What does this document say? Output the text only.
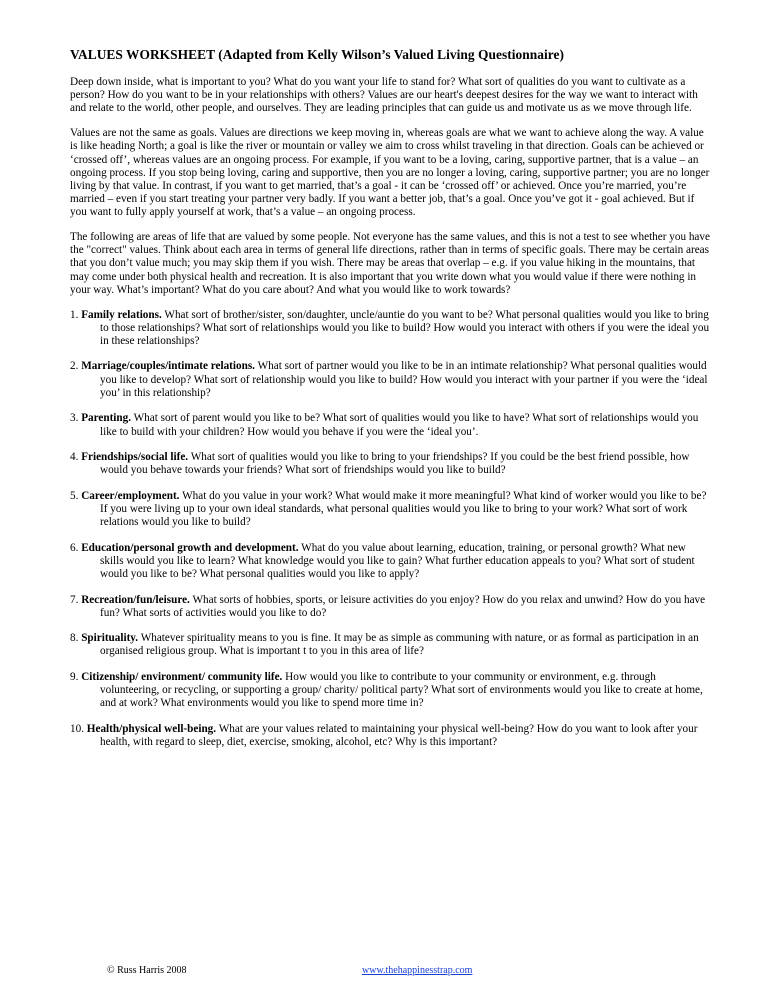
VALUES WORKSHEET (Adapted from Kelly Wilson’s Valued Living Questionnaire)

Deep down inside, what is important to you? What do you want your life to stand for? What sort of qualities do you want to cultivate as a person? How do you want to be in your relationships with others? Values are our heart's deepest desires for the way we want to interact with and relate to the world, other people, and ourselves. They are leading principles that can guide us and motivate us as we move through life.

Values are not the same as goals. Values are directions we keep moving in, whereas goals are what we want to achieve along the way. A value is like heading North; a goal is like the river or mountain or valley we aim to cross whilst traveling in that direction. Goals can be achieved or ‘crossed off’, whereas values are an ongoing process. For example, if you want to be a loving, caring, supportive partner, that is a value – an ongoing process. If you stop being loving, caring and supportive, then you are no longer a loving, caring, supportive partner; you are no longer living by that value. In contrast, if you want to get married, that’s a goal - it can be ‘crossed off’ or achieved. Once you’re married, you’re married – even if you start treating your partner very badly. If you want a better job, that’s a goal. Once you’ve got it - goal achieved. But if you want to fully apply yourself at work, that’s a value – an ongoing process.

The following are areas of life that are valued by some people. Not everyone has the same values, and this is not a test to see whether you have the "correct" values. Think about each area in terms of general life directions, rather than in terms of specific goals. There may be certain areas that you don’t value much; you may skip them if you wish. There may be areas that overlap – e.g. if you value hiking in the mountains, that may come under both physical health and recreation. It is also important that you write down what you would value if there were nothing in your way. What’s important? What do you care about? And what you would like to work towards?

1. Family relations. What sort of brother/sister, son/daughter, uncle/auntie do you want to be? What personal qualities would you like to bring to those relationships? What sort of relationships would you like to build? How would you interact with others if you were the ideal you in these relationships?
2. Marriage/couples/intimate relations. What sort of partner would you like to be in an intimate relationship? What personal qualities would you like to develop? What sort of relationship would you like to build? How would you interact with your partner if you were the ‘ideal you’ in this relationship?
3. Parenting. What sort of parent would you like to be? What sort of qualities would you like to have? What sort of relationships would you like to build with your children? How would you behave if you were the ‘ideal you’.
4. Friendships/social life. What sort of qualities would you like to bring to your friendships? If you could be the best friend possible, how would you behave towards your friends? What sort of friendships would you like to build?
5. Career/employment. What do you value in your work? What would make it more meaningful? What kind of worker would you like to be? If you were living up to your own ideal standards, what personal qualities would you like to bring to your work? What sort of work relations would you like to build?
6. Education/personal growth and development. What do you value about learning, education, training, or personal growth? What new skills would you like to learn? What knowledge would you like to gain? What further education appeals to you? What sort of student would you like to be? What personal qualities would you like to apply?
7. Recreation/fun/leisure. What sorts of hobbies, sports, or leisure activities do you enjoy? How do you relax and unwind? How do you have fun? What sorts of activities would you like to do?
8. Spirituality. Whatever spirituality means to you is fine. It may be as simple as communing with nature, or as formal as participation in an organised religious group. What is important t to you in this area of life?
9. Citizenship/ environment/ community life. How would you like to contribute to your community or environment, e.g. through volunteering, or recycling, or supporting a group/ charity/ political party? What sort of environments would you like to create at home, and at work? What environments would you like to spend more time in?
10. Health/physical well-being. What are your values related to maintaining your physical well-being? How do you want to look after your health, with regard to sleep, diet, exercise, smoking, alcohol, etc? Why is this important?
© Russ Harris 2008	www.thehappinesstrap.com
